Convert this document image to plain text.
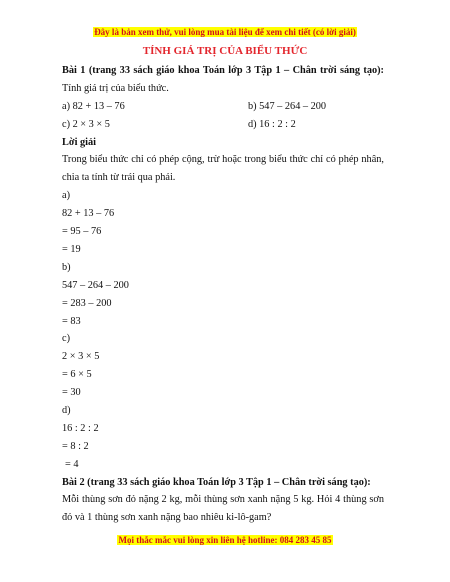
Đây là bản xem thử, vui lòng mua tài liệu để xem chi tiết (có lời giải)
TÍNH GIÁ TRỊ CỦA BIỂU THỨC
Bài 1 (trang 33 sách giáo khoa Toán lớp 3 Tập 1 – Chân trời sáng tạo): Tính giá trị của biểu thức.
a) 82 + 13 – 76	b) 547 – 264 – 200
c) 2 × 3 × 5	d) 16 : 2 : 2
Lời giải
Trong biểu thức chỉ có phép cộng, trừ hoặc trong biểu thức chỉ có phép nhân, chia ta tính từ trái qua phải.
a)
82 + 13 – 76
= 95 – 76
= 19
b)
547 – 264 – 200
= 283 – 200
= 83
c)
2 × 3 × 5
= 6 × 5
= 30
d)
16 : 2 : 2
= 8 : 2
= 4
Bài 2 (trang 33 sách giáo khoa Toán lớp 3 Tập 1 – Chân trời sáng tạo):
Mỗi thùng sơn đỏ nặng 2 kg, mỗi thùng sơn xanh nặng 5 kg. Hỏi 4 thùng sơn đỏ và 1 thùng sơn xanh nặng bao nhiêu ki-lô-gam?
Mọi thắc mắc vui lòng xin liên hệ hotline: 084 283 45 85
